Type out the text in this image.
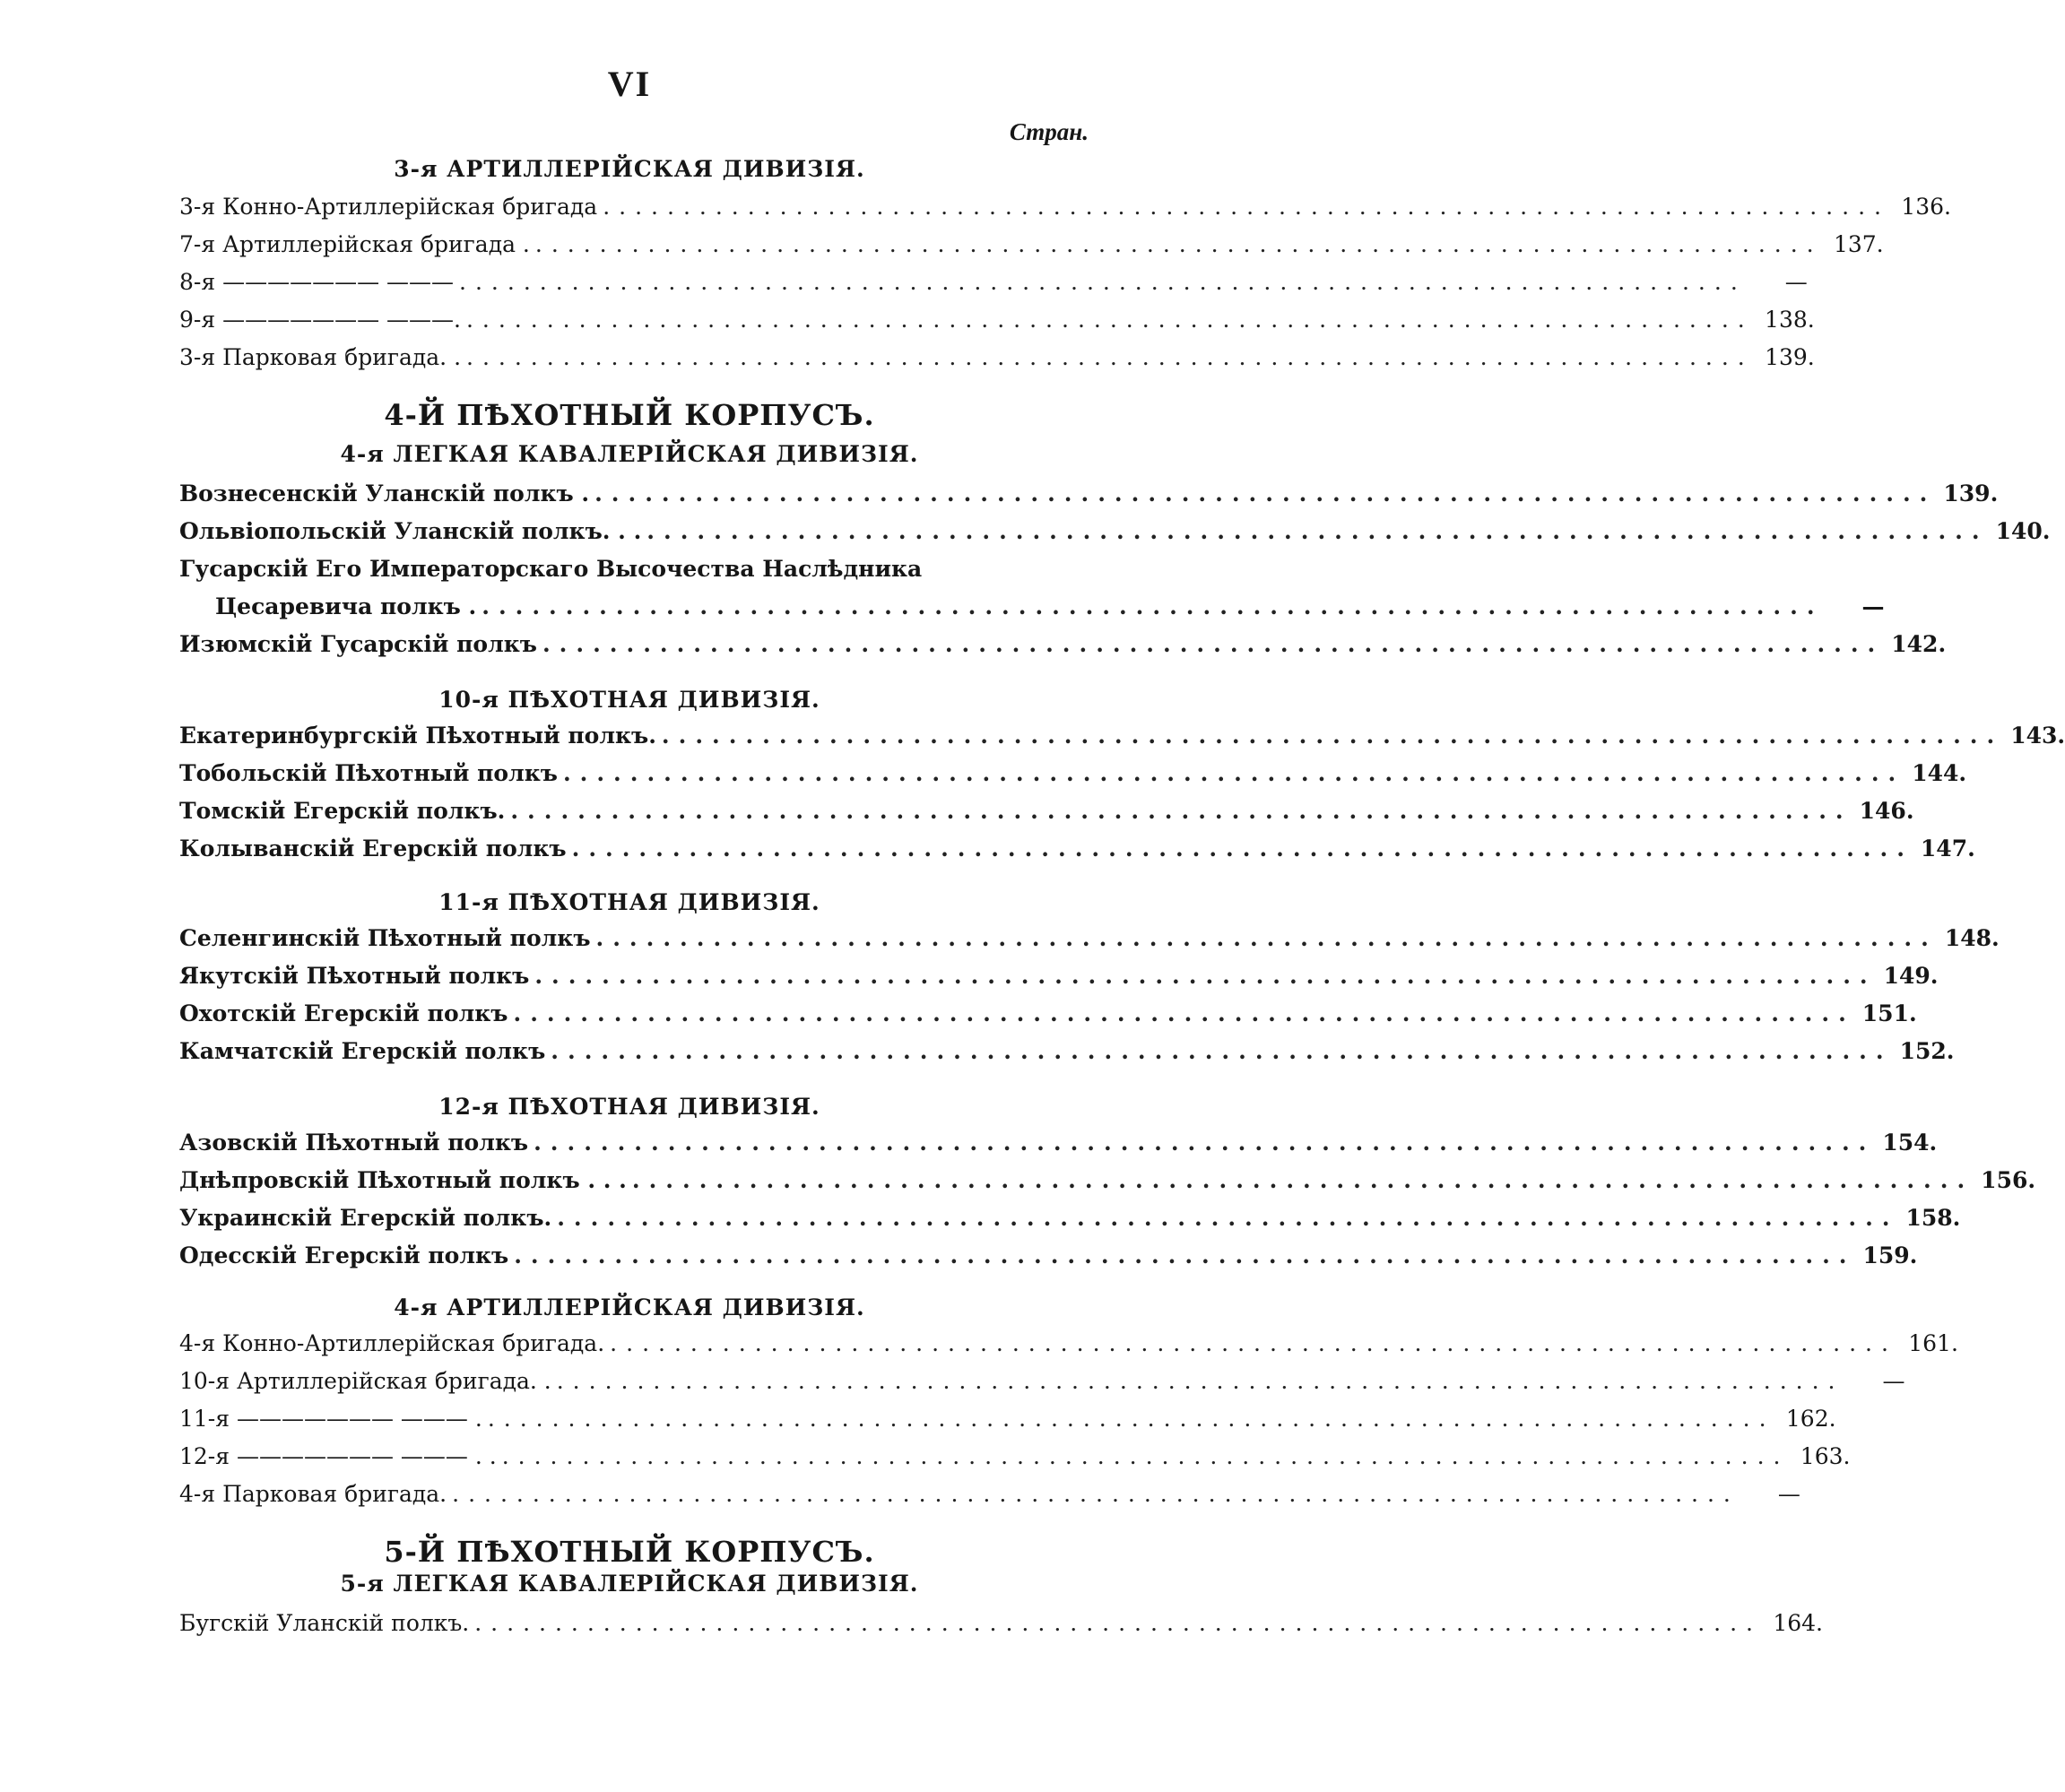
VI
Стран.
3-я АРТИЛЛЕРІЙСКАЯ ДИВИЗІЯ.
3-я Конно-Артиллерійская бригада ................................................................................ 136.
7-я Артиллерійская бригада . ................................................................................ 137.
8-я ——————— ——— ................................................................................	—
9-я ——————— ———. ................................................................................ 138.
3-я Парковая бригада. . ................................................................................ 139.
4-Й ПѢХОТНЫЙ КОРПУСЪ.
4-я ЛЕГКАЯ КАВАЛЕРІЙСКАЯ ДИВИЗІЯ.
Вознесенскій Уланскій полкъ . ................................................................................ 139.
Ольвіопольскій Уланскій полкъ. . . ................................................................................ 140.
Гусарскій Его Императорскаго Высочества Наслѣдника
Цесаревича полкъ . ................................................................................	—
Изюмскій Гусарскій полкъ ................................................................................ 142.
10-я ПѢХОТНАЯ ДИВИЗІЯ.
Екатеринбургскій Пѣхотный полкъ. ................................................................................ 143.
Тобольскій Пѣхотный полкъ ................................................................................ 144.
Томскій Егерскій полкъ. ................................................................................ 146.
Колыванскій Егерскій полкъ ................................................................................ 147.
11-я ПѢХОТНАЯ ДИВИЗІЯ.
Селенгинскій Пѣхотный полкъ ................................................................................ 148.
Якутскій Пѣхотный полкъ ................................................................................ 149.
Охотскій Егерскій полкъ ................................................................................ 151.
Камчатскій Егерскій полкъ ................................................................................ 152.
12-я ПѢХОТНАЯ ДИВИЗІЯ.
Азовскій Пѣхотный полкъ ................................................................................ 154.
Днѣпровскій Пѣхотный полкъ . . . ................................................................................ 156.
Украинскій Егерскій полкъ. ................................................................................ 158.
Одесскій Егерскій полкъ ................................................................................ 159.
4-я АРТИЛЛЕРІЙСКАЯ ДИВИЗІЯ.
4-я Конно-Артиллерійская бригада. ................................................................................ 161.
10-я Артиллерійская бригада. . ................................................................................	—
11-я ——————— ——— . ................................................................................ 162.
12-я ——————— ——— . . ................................................................................ 163.
4-я Парковая бригада. ................................................................................	—
5-Й ПѢХОТНЫЙ КОРПУСЪ.
5-я ЛЕГКАЯ КАВАЛЕРІЙСКАЯ ДИВИЗІЯ.
Бугскій Уланскій полкъ. ................................................................................ 164.
